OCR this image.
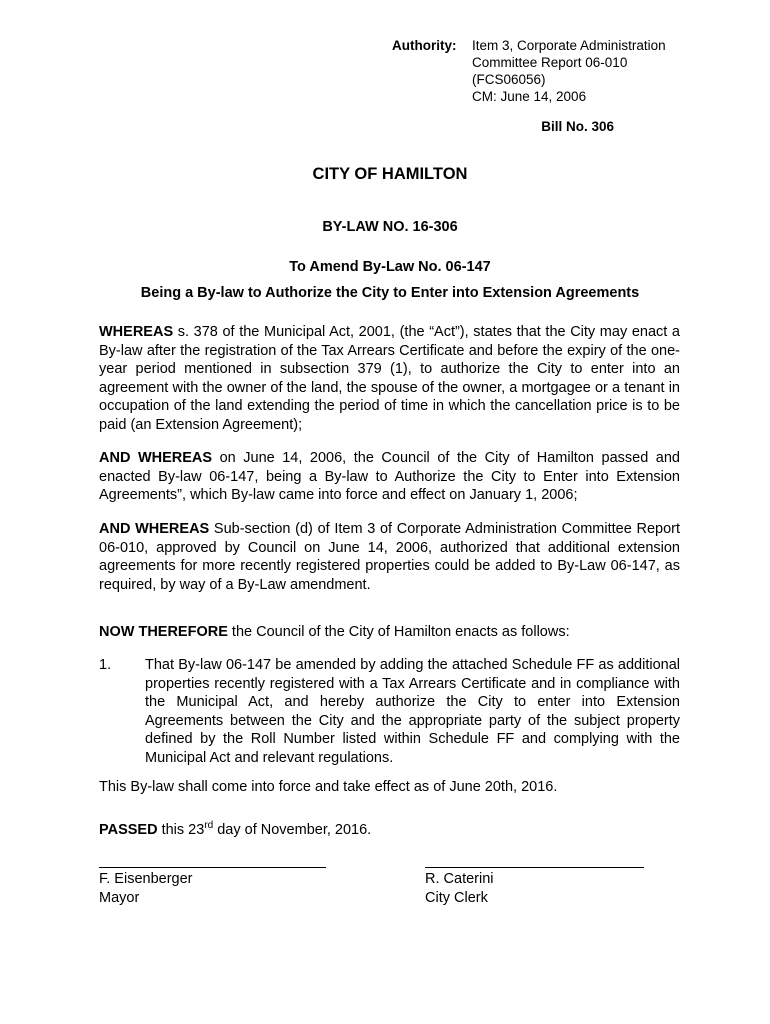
Authority: Item 3, Corporate Administration
Committee Report 06-010
(FCS06056)
CM: June 14, 2006
Bill No. 306
CITY OF HAMILTON
BY-LAW NO. 16-306
To Amend By-Law No. 06-147
Being a By-law to Authorize the City to Enter into Extension Agreements
WHEREAS s. 378 of the Municipal Act, 2001, (the “Act”), states that the City may enact a By-law after the registration of the Tax Arrears Certificate and before the expiry of the one-year period mentioned in subsection 379 (1), to authorize the City to enter into an agreement with the owner of the land, the spouse of the owner, a mortgagee or a tenant in occupation of the land extending the period of time in which the cancellation price is to be paid (an Extension Agreement);
AND WHEREAS on June 14, 2006, the Council of the City of Hamilton passed and enacted By-law 06-147, being a By-law to Authorize the City to Enter into Extension Agreements”, which By-law came into force and effect on January 1, 2006;
AND WHEREAS Sub-section (d) of Item 3 of Corporate Administration Committee Report 06-010, approved by Council on June 14, 2006, authorized that additional extension agreements for more recently registered properties could be added to By-Law 06-147, as required, by way of a By-Law amendment.
NOW THEREFORE the Council of the City of Hamilton enacts as follows:
1. That By-law 06-147 be amended by adding the attached Schedule FF as additional properties recently registered with a Tax Arrears Certificate and in compliance with the Municipal Act, and hereby authorize the City to enter into Extension Agreements between the City and the appropriate party of the subject property defined by the Roll Number listed within Schedule FF and complying with the Municipal Act and relevant regulations.
This By-law shall come into force and take effect as of June 20th, 2016.
PASSED this 23rd day of November, 2016.
F. Eisenberger
Mayor
R. Caterini
City Clerk
